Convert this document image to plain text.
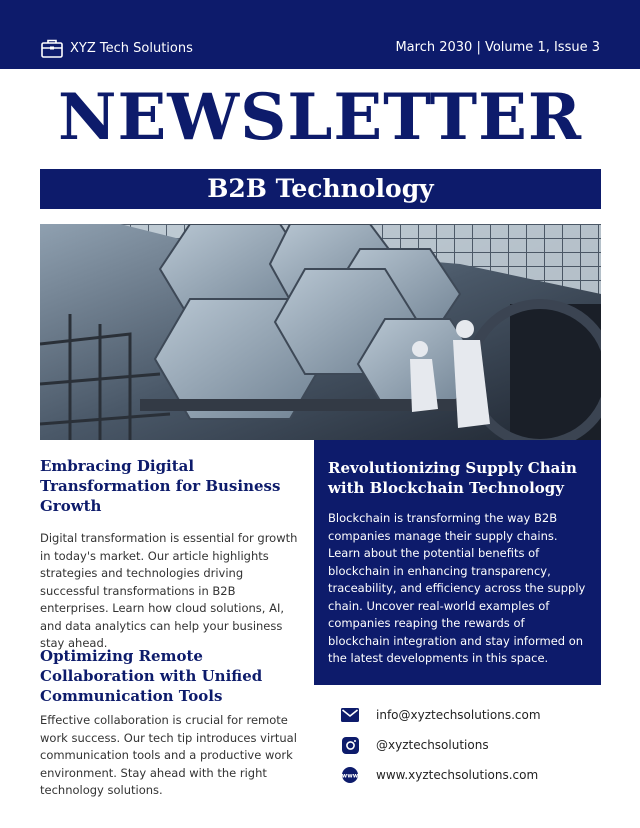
XYZ Tech Solutions	March 2030 | Volume 1, Issue 3
NEWSLETTER
B2B Technology
Embracing Digital Transformation for Business Growth
Digital transformation is essential for growth in today's market. Our article highlights strategies and technologies driving successful transformations in B2B enterprises. Learn how cloud solutions, AI, and data analytics can help your business stay ahead.
Revolutionizing Supply Chain with Blockchain Technology
Blockchain is transforming the way B2B companies manage their supply chains. Learn about the potential benefits of blockchain in enhancing transparency, traceability, and efficiency across the supply chain. Uncover real-world examples of companies reaping the rewards of blockchain integration and stay informed on the latest developments in this space.
Optimizing Remote Collaboration with Unified Communication Tools
Effective collaboration is crucial for remote work success. Our tech tip introduces virtual communication tools and a productive work environment. Stay ahead with the right technology solutions.
info@xyztechsolutions.com
@xyztechsolutions
www www.xyztechsolutions.com
